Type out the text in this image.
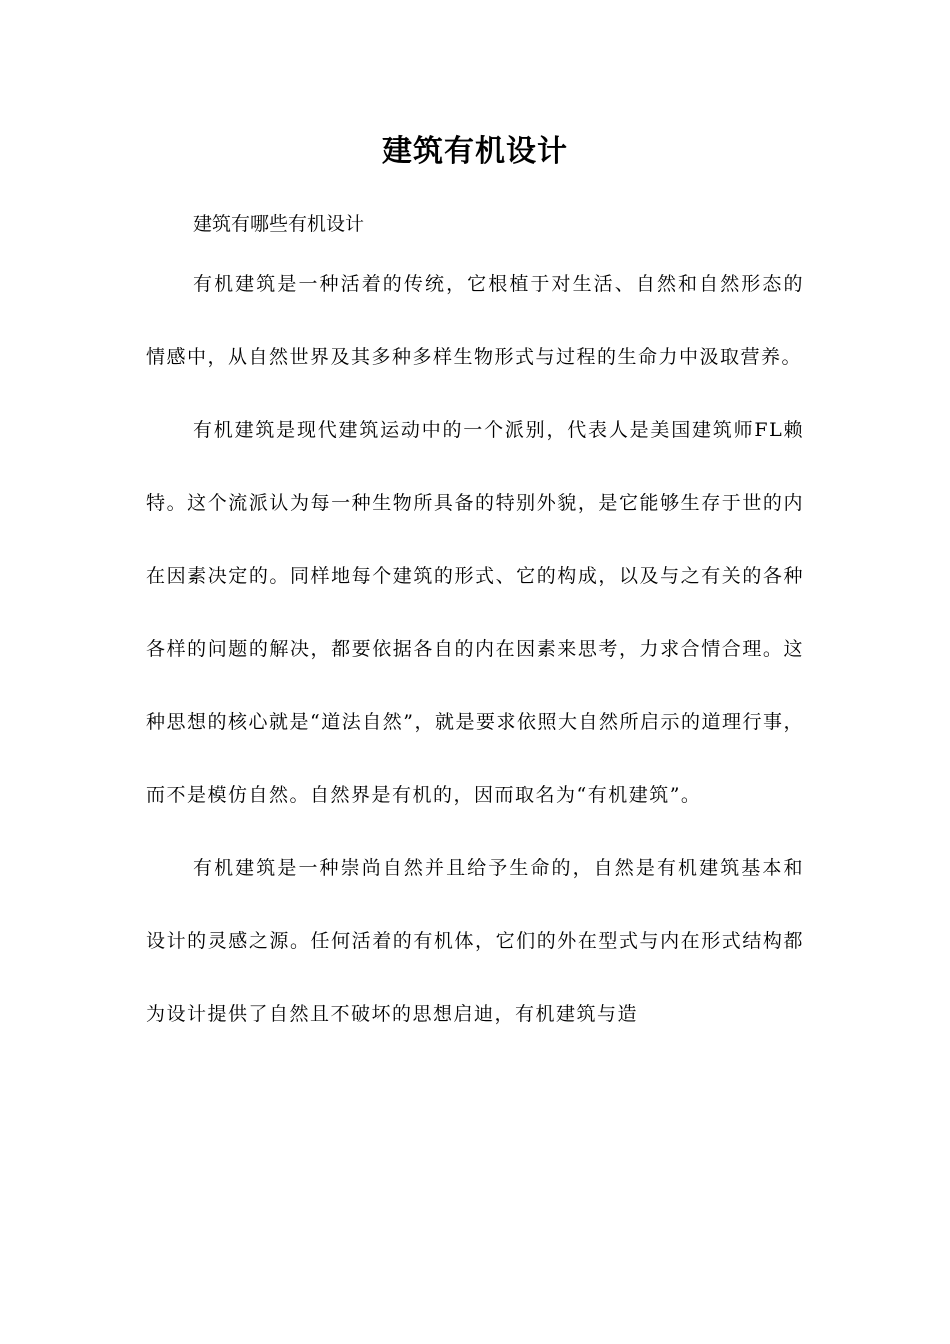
建筑有机设计

建筑有哪些有机设计

有机建筑是一种活着的传统，它根植于对生活、自然和自然形态的情感中，从自然世界及其多种多样生物形式与过程的生命力中汲取营养。

有机建筑是现代建筑运动中的一个派别，代表人是美国建筑师FL赖特。这个流派认为每一种生物所具备的特别外貌，是它能够生存于世的内在因素决定的。同样地每个建筑的形式、它的构成，以及与之有关的各种各样的问题的解决，都要依据各自的内在因素来思考，力求合情合理。这种思想的核心就是“道法自然”，就是要求依照大自然所启示的道理行事，而不是模仿自然。自然界是有机的，因而取名为“有机建筑”。

有机建筑是一种崇尚自然并且给予生命的，自然是有机建筑基本和设计的灵感之源。任何活着的有机体，它们的外在型式与内在形式结构都为设计提供了自然且不破坏的思想启迪，有机建筑与造
